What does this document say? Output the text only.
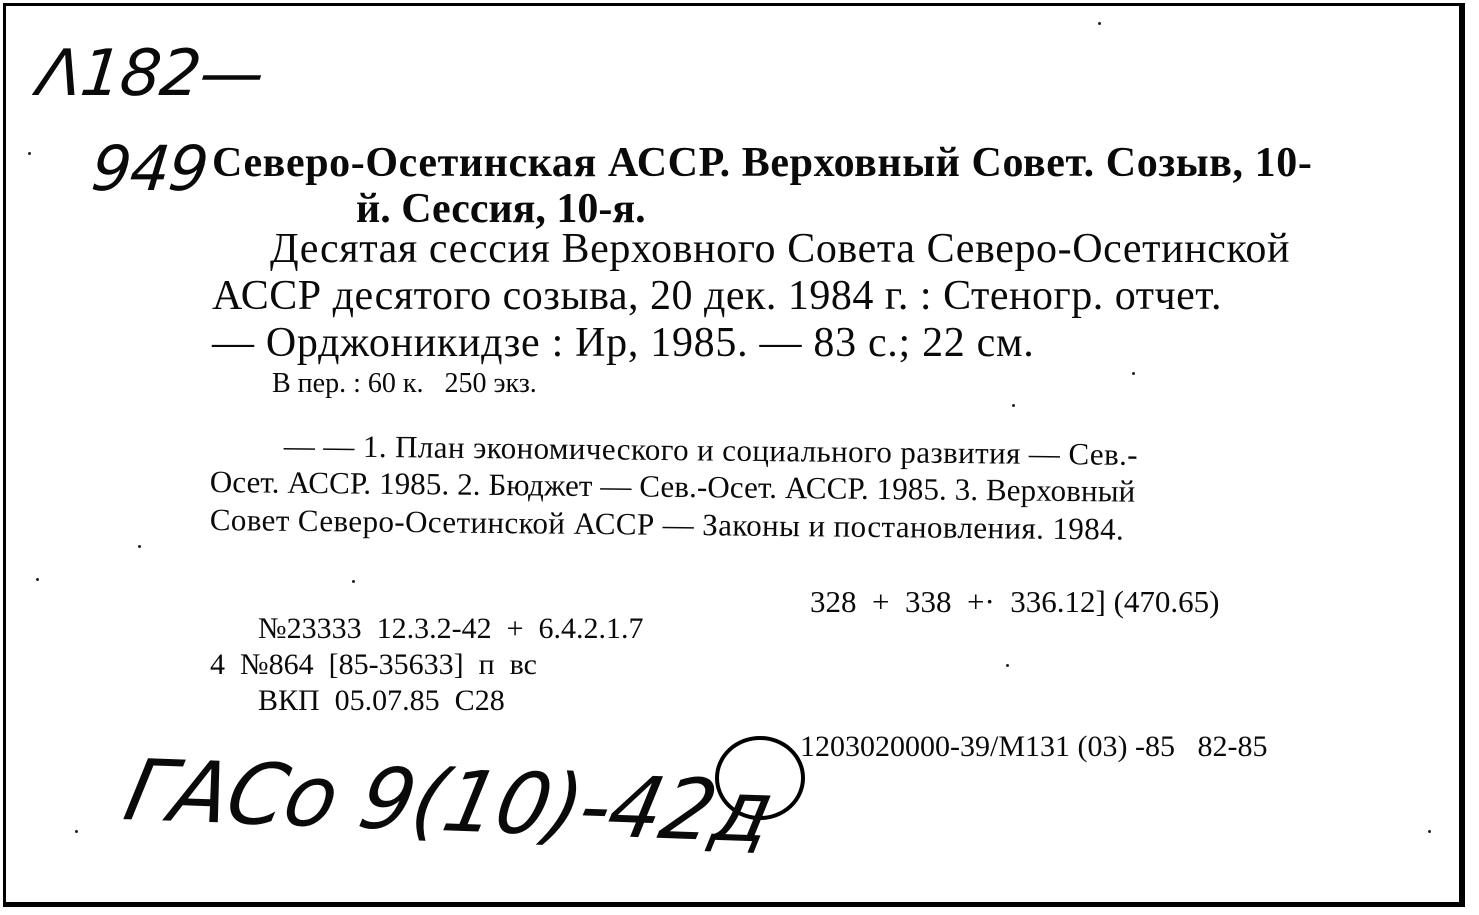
Λ182—
949 Северо-Осетинская АССР. Верховный Совет. Созыв, 10-
й. Сессия, 10-я.
Десятая сессия Верховного Совета Северо-Осетинской
АССР десятого созыва, 20 дек. 1984 г. : Стеногр. отчет.
— Орджоникидзе : Ир, 1985. — 83 с.; 22 см.
В пер. : 60 к.   250 экз.
— — 1. План экономического и социального развития — Сев.-
Осет. АССР. 1985. 2. Бюджет — Сев.-Осет. АССР. 1985. 3. Верховный
Совет Северо-Осетинской АССР — Законы и постановления. 1984.
328  +  338  +·  336.12] (470.65)
№23333  12.3.2-42  +  6.4.2.1.7
4  №864  [85-35633]  п  вс
ВКП  05.07.85  С28
1203020000-39/М131 (03) -85   82-85
ГАСо 9(10)-42д
